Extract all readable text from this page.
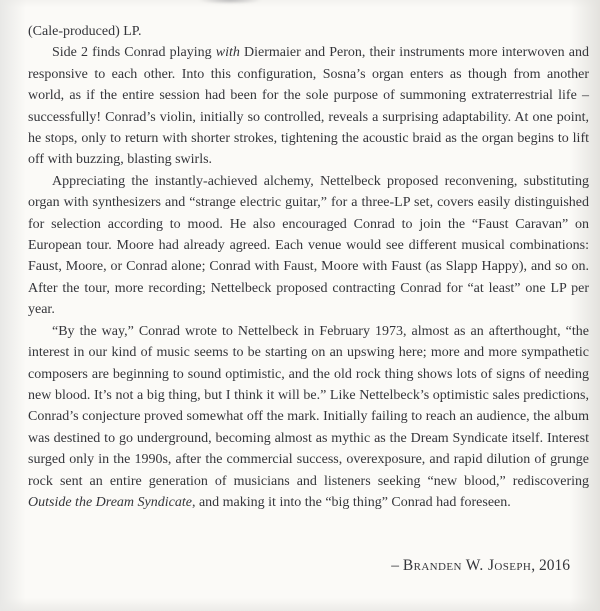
(Cale-produced) LP.

Side 2 finds Conrad playing with Diermaier and Peron, their instruments more interwoven and responsive to each other. Into this configuration, Sosna’s organ enters as though from another world, as if the entire session had been for the sole purpose of summoning extraterrestrial life – successfully! Conrad’s violin, initially so controlled, reveals a surprising adaptability. At one point, he stops, only to return with shorter strokes, tightening the acoustic braid as the organ begins to lift off with buzzing, blasting swirls.

Appreciating the instantly-achieved alchemy, Nettelbeck proposed reconvening, substituting organ with synthesizers and “strange electric guitar,” for a three-LP set, covers easily distinguished for selection according to mood. He also encouraged Conrad to join the “Faust Caravan” on European tour. Moore had already agreed. Each venue would see different musical combinations: Faust, Moore, or Conrad alone; Conrad with Faust, Moore with Faust (as Slapp Happy), and so on. After the tour, more recording; Nettelbeck proposed contracting Conrad for “at least” one LP per year.

“By the way,” Conrad wrote to Nettelbeck in February 1973, almost as an afterthought, “the interest in our kind of music seems to be starting on an upswing here; more and more sympathetic composers are beginning to sound optimistic, and the old rock thing shows lots of signs of needing new blood. It’s not a big thing, but I think it will be.” Like Nettelbeck’s optimistic sales predictions, Conrad’s conjecture proved somewhat off the mark. Initially failing to reach an audience, the album was destined to go underground, becoming almost as mythic as the Dream Syndicate itself. Interest surged only in the 1990s, after the commercial success, overexposure, and rapid dilution of grunge rock sent an entire generation of musicians and listeners seeking “new blood,” rediscovering Outside the Dream Syndicate, and making it into the “big thing” Conrad had foreseen.

– Branden W. Joseph, 2016
